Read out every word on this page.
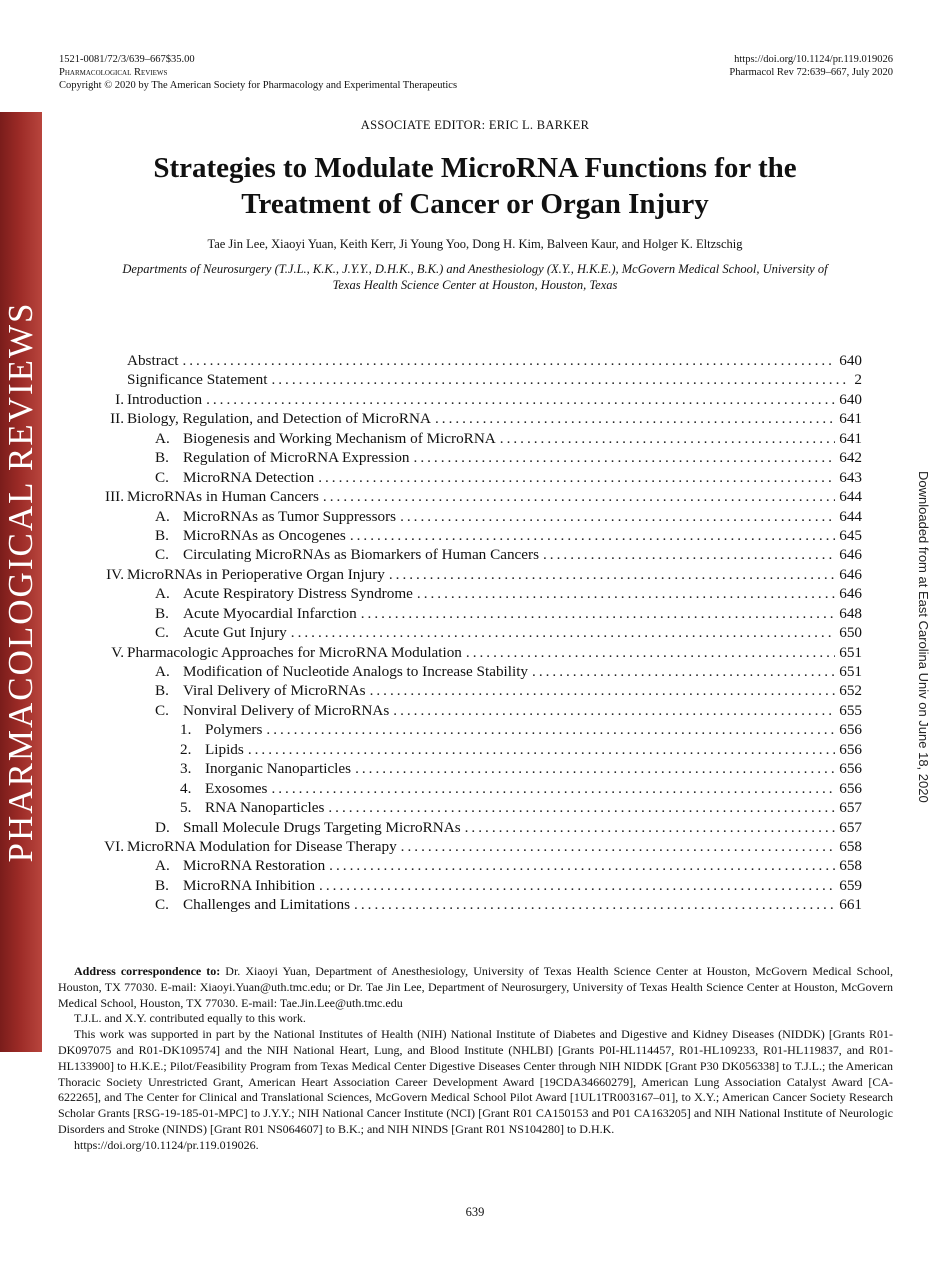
1521-0081/72/3/639–667$35.00
Pharmacological Reviews
Copyright © 2020 by The American Society for Pharmacology and Experimental Therapeutics
https://doi.org/10.1124/pr.119.019026
Pharmacol Rev 72:639–667, July 2020
PHARMACOLOGICAL REVIEWS	Downloaded from at East Carolina Univ on June 18, 2020
ASSOCIATE EDITOR: ERIC L. BARKER
Strategies to Modulate MicroRNA Functions for the
Treatment of Cancer or Organ Injury
Tae Jin Lee, Xiaoyi Yuan, Keith Kerr, Ji Young Yoo, Dong H. Kim, Balveen Kaur, and Holger K. Eltzschig
Departments of Neurosurgery (T.J.L., K.K., J.Y.Y., D.H.K., B.K.) and Anesthesiology (X.Y., H.K.E.), McGovern Medical School, University of
Texas Health Science Center at Houston, Houston, Texas
Abstract .....	640
Significance Statement .....	2
I. Introduction .....	640
II. Biology, Regulation, and Detection of MicroRNA .....	641
A. Biogenesis and Working Mechanism of MicroRNA .....	641
B. Regulation of MicroRNA Expression .....	642
C. MicroRNA Detection .....	643
III. MicroRNAs in Human Cancers .....	644
A. MicroRNAs as Tumor Suppressors .....	644
B. MicroRNAs as Oncogenes .....	645
C. Circulating MicroRNAs as Biomarkers of Human Cancers .....	646
IV. MicroRNAs in Perioperative Organ Injury .....	646
A. Acute Respiratory Distress Syndrome .....	646
B. Acute Myocardial Infarction .....	648
C. Acute Gut Injury .....	650
V. Pharmacologic Approaches for MicroRNA Modulation .....	651
A. Modification of Nucleotide Analogs to Increase Stability .....	651
B. Viral Delivery of MicroRNAs .....	652
C. Nonviral Delivery of MicroRNAs .....	655
1. Polymers .....	656
2. Lipids .....	656
3. Inorganic Nanoparticles .....	656
4. Exosomes .....	656
5. RNA Nanoparticles .....	657
D. Small Molecule Drugs Targeting MicroRNAs .....	657
VI. MicroRNA Modulation for Disease Therapy .....	658
A. MicroRNA Restoration .....	658
B. MicroRNA Inhibition .....	659
C. Challenges and Limitations .....	661

Address correspondence to: Dr. Xiaoyi Yuan, Department of Anesthesiology, University of Texas Health Science Center at Houston, McGovern Medical School, Houston, TX 77030. E-mail: Xiaoyi.Yuan@uth.tmc.edu; or Dr. Tae Jin Lee, Department of Neurosurgery, University of Texas Health Science Center at Houston, McGovern Medical School, Houston, TX 77030. E-mail: Tae.Jin.Lee@uth.tmc.edu

T.J.L. and X.Y. contributed equally to this work.

This work was supported in part by the National Institutes of Health (NIH) National Institute of Diabetes and Digestive and Kidney Diseases (NIDDK) [Grants R01-DK097075 and R01-DK109574] and the NIH National Heart, Lung, and Blood Institute (NHLBI) [Grants P0I-HL114457, R01-HL109233, R01-HL119837, and R01-HL133900] to H.K.E.; Pilot/Feasibility Program from Texas Medical Center Digestive Diseases Center through NIH NIDDK [Grant P30 DK056338] to T.J.L.; the American Thoracic Society Unrestricted Grant, American Heart Association Career Development Award [19CDA34660279], American Lung Association Catalyst Award [CA-622265], and The Center for Clinical and Translational Sciences, McGovern Medical School Pilot Award [1UL1TR003167–01], to X.Y.; American Cancer Society Research Scholar Grants [RSG-19-185-01-MPC] to J.Y.Y.; NIH National Cancer Institute (NCI) [Grant R01 CA150153 and P01 CA163205] and NIH National Institute of Neurologic Disorders and Stroke (NINDS) [Grant R01 NS064607] to B.K.; and NIH NINDS [Grant R01 NS104280] to D.H.K.

https://doi.org/10.1124/pr.119.019026.

639
